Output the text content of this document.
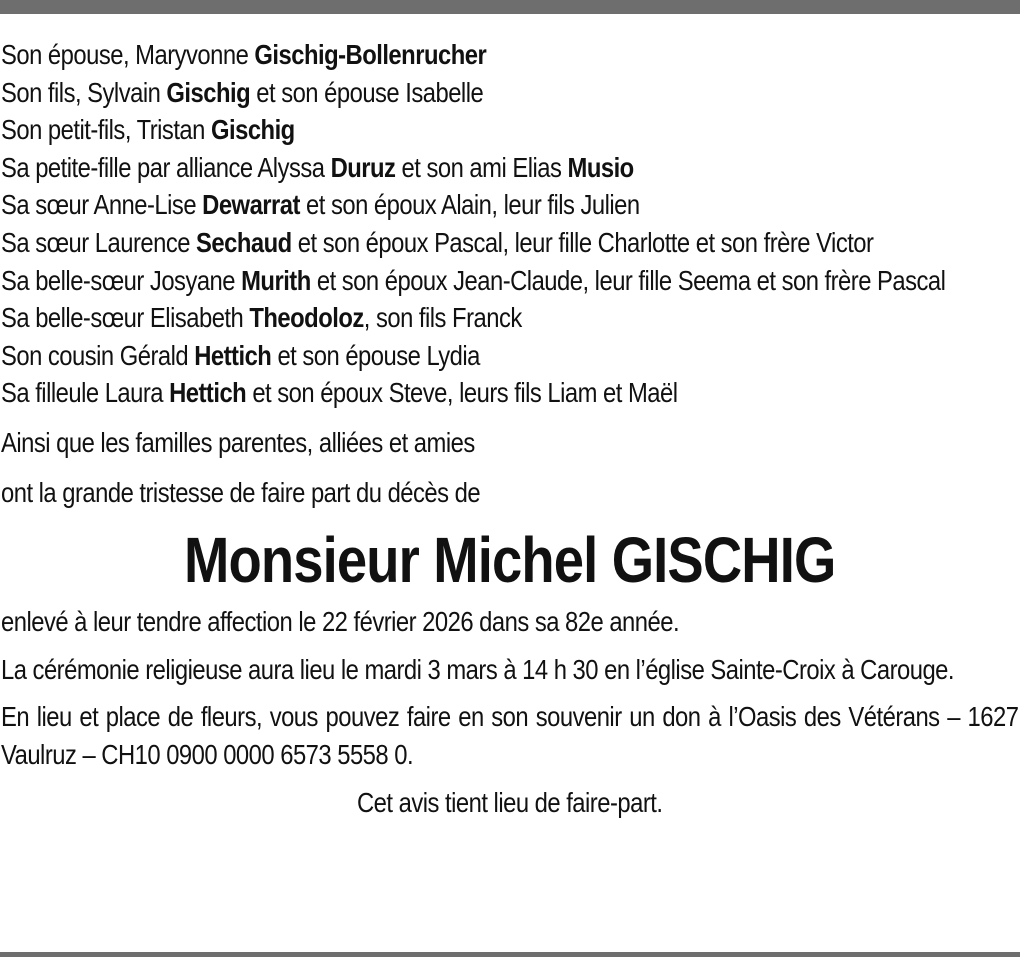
Son épouse, Maryvonne Gischig-Bollenrucher
Son fils, Sylvain Gischig et son épouse Isabelle
Son petit-fils, Tristan Gischig
Sa petite-fille par alliance Alyssa Duruz et son ami Elias Musio
Sa sœur Anne-Lise Dewarrat et son époux Alain, leur fils Julien
Sa sœur Laurence Sechaud et son époux Pascal, leur fille Charlotte et son frère Victor
Sa belle-sœur Josyane Murith et son époux Jean-Claude, leur fille Seema et son frère Pascal
Sa belle-sœur Elisabeth Theodoloz, son fils Franck
Son cousin Gérald Hettich et son épouse Lydia
Sa filleule Laura Hettich et son époux Steve, leurs fils Liam et Maël
Ainsi que les familles parentes, alliées et amies
ont la grande tristesse de faire part du décès de
Monsieur Michel GISCHIG
enlevé à leur tendre affection le 22 février 2026 dans sa 82e année.
La cérémonie religieuse aura lieu le mardi 3 mars à 14 h 30 en l’église Sainte-Croix à Carouge.
En lieu et place de fleurs, vous pouvez faire en son souvenir un don à l’Oasis des Vétérans – 1627 Vaulruz – CH10 0900 0000 6573 5558 0.
Cet avis tient lieu de faire-part.
